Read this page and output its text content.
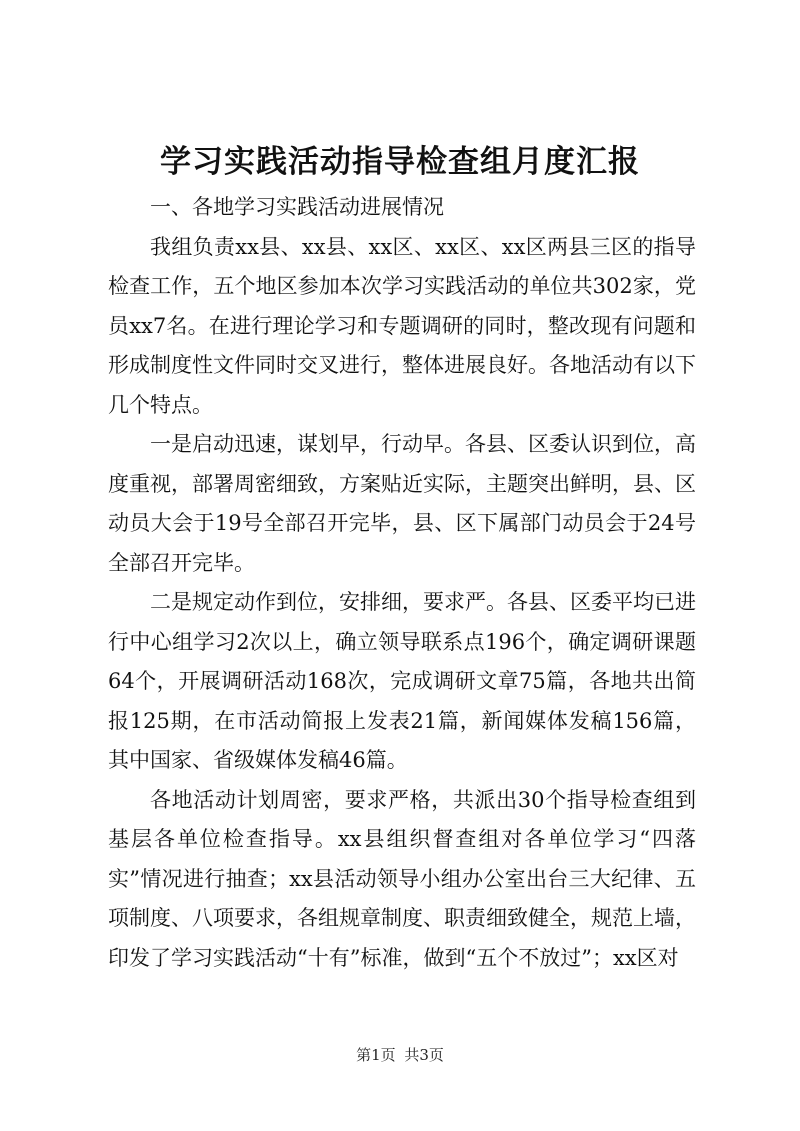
学习实践活动指导检查组月度汇报

一、各地学习实践活动进展情况

我组负责xx县、xx县、xx区、xx区、xx区两县三区的指导检查工作，五个地区参加本次学习实践活动的单位共302家，党员xx7名。在进行理论学习和专题调研的同时，整改现有问题和形成制度性文件同时交叉进行，整体进展良好。各地活动有以下几个特点。

一是启动迅速，谋划早，行动早。各县、区委认识到位，高度重视，部署周密细致，方案贴近实际，主题突出鲜明，县、区动员大会于19号全部召开完毕，县、区下属部门动员会于24号全部召开完毕。

二是规定动作到位，安排细，要求严。各县、区委平均已进行中心组学习2次以上，确立领导联系点196个，确定调研课题64个，开展调研活动168次，完成调研文章75篇，各地共出简报125期，在市活动简报上发表21篇，新闻媒体发稿156篇，其中国家、省级媒体发稿46篇。

各地活动计划周密，要求严格，共派出30个指导检查组到基层各单位检查指导。xx县组织督查组对各单位学习“四落实”情况进行抽查；xx县活动领导小组办公室出台三大纪律、五项制度、八项要求，各组规章制度、职责细致健全，规范上墙，印发了学习实践活动“十有”标准，做到“五个不放过”；xx区对

第1页 共3页
